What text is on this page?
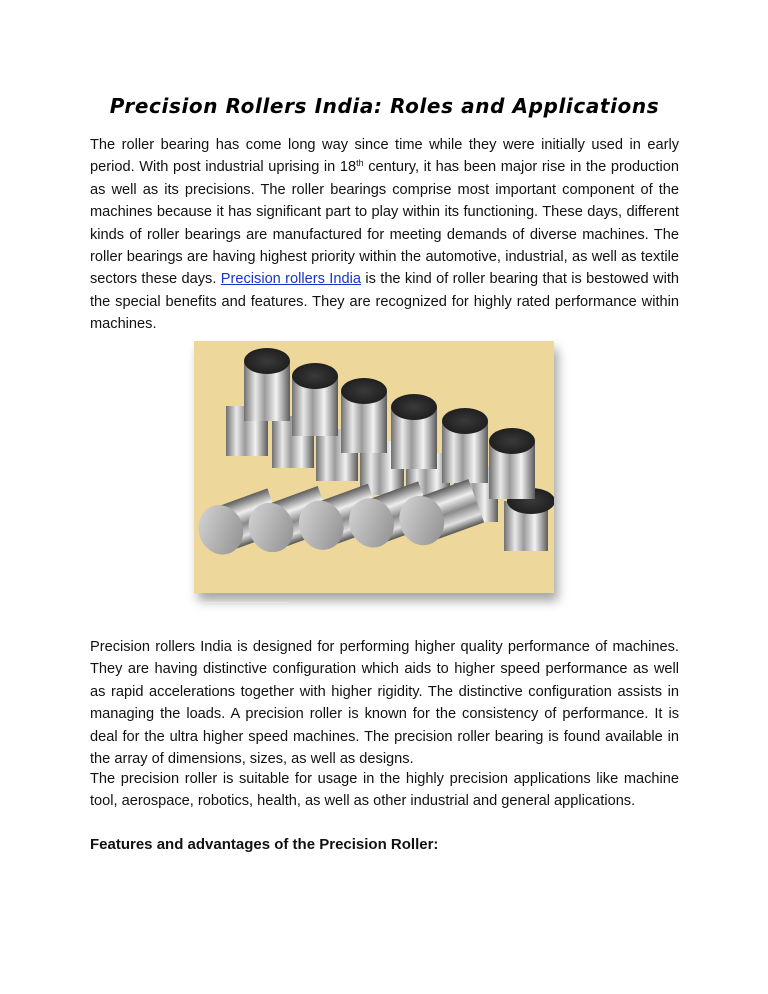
Precision Rollers India: Roles and Applications

The roller bearing has come long way since time while they were initially used in early period. With post industrial uprising in 18th century, it has been major rise in the production as well as its precisions. The roller bearings comprise most important component of the machines because it has significant part to play within its functioning. These days, different kinds of roller bearings are manufactured for meeting demands of diverse machines. The roller bearings are having highest priority within the automotive, industrial, as well as textile sectors these days. Precision rollers India is the kind of roller bearing that is bestowed with the special benefits and features. They are recognized for highly rated performance within machines.

Precision rollers India is designed for performing higher quality performance of machines. They are having distinctive configuration which aids to higher speed performance as well as rapid accelerations together with higher rigidity. The distinctive configuration assists in managing the loads. A precision roller is known for the consistency of performance. It is deal for the ultra higher speed machines. The precision roller bearing is found available in the array of dimensions, sizes, as well as designs.

The precision roller is suitable for usage in the highly precision applications like machine tool, aerospace, robotics, health, as well as other industrial and general applications.

Features and advantages of the Precision Roller:
